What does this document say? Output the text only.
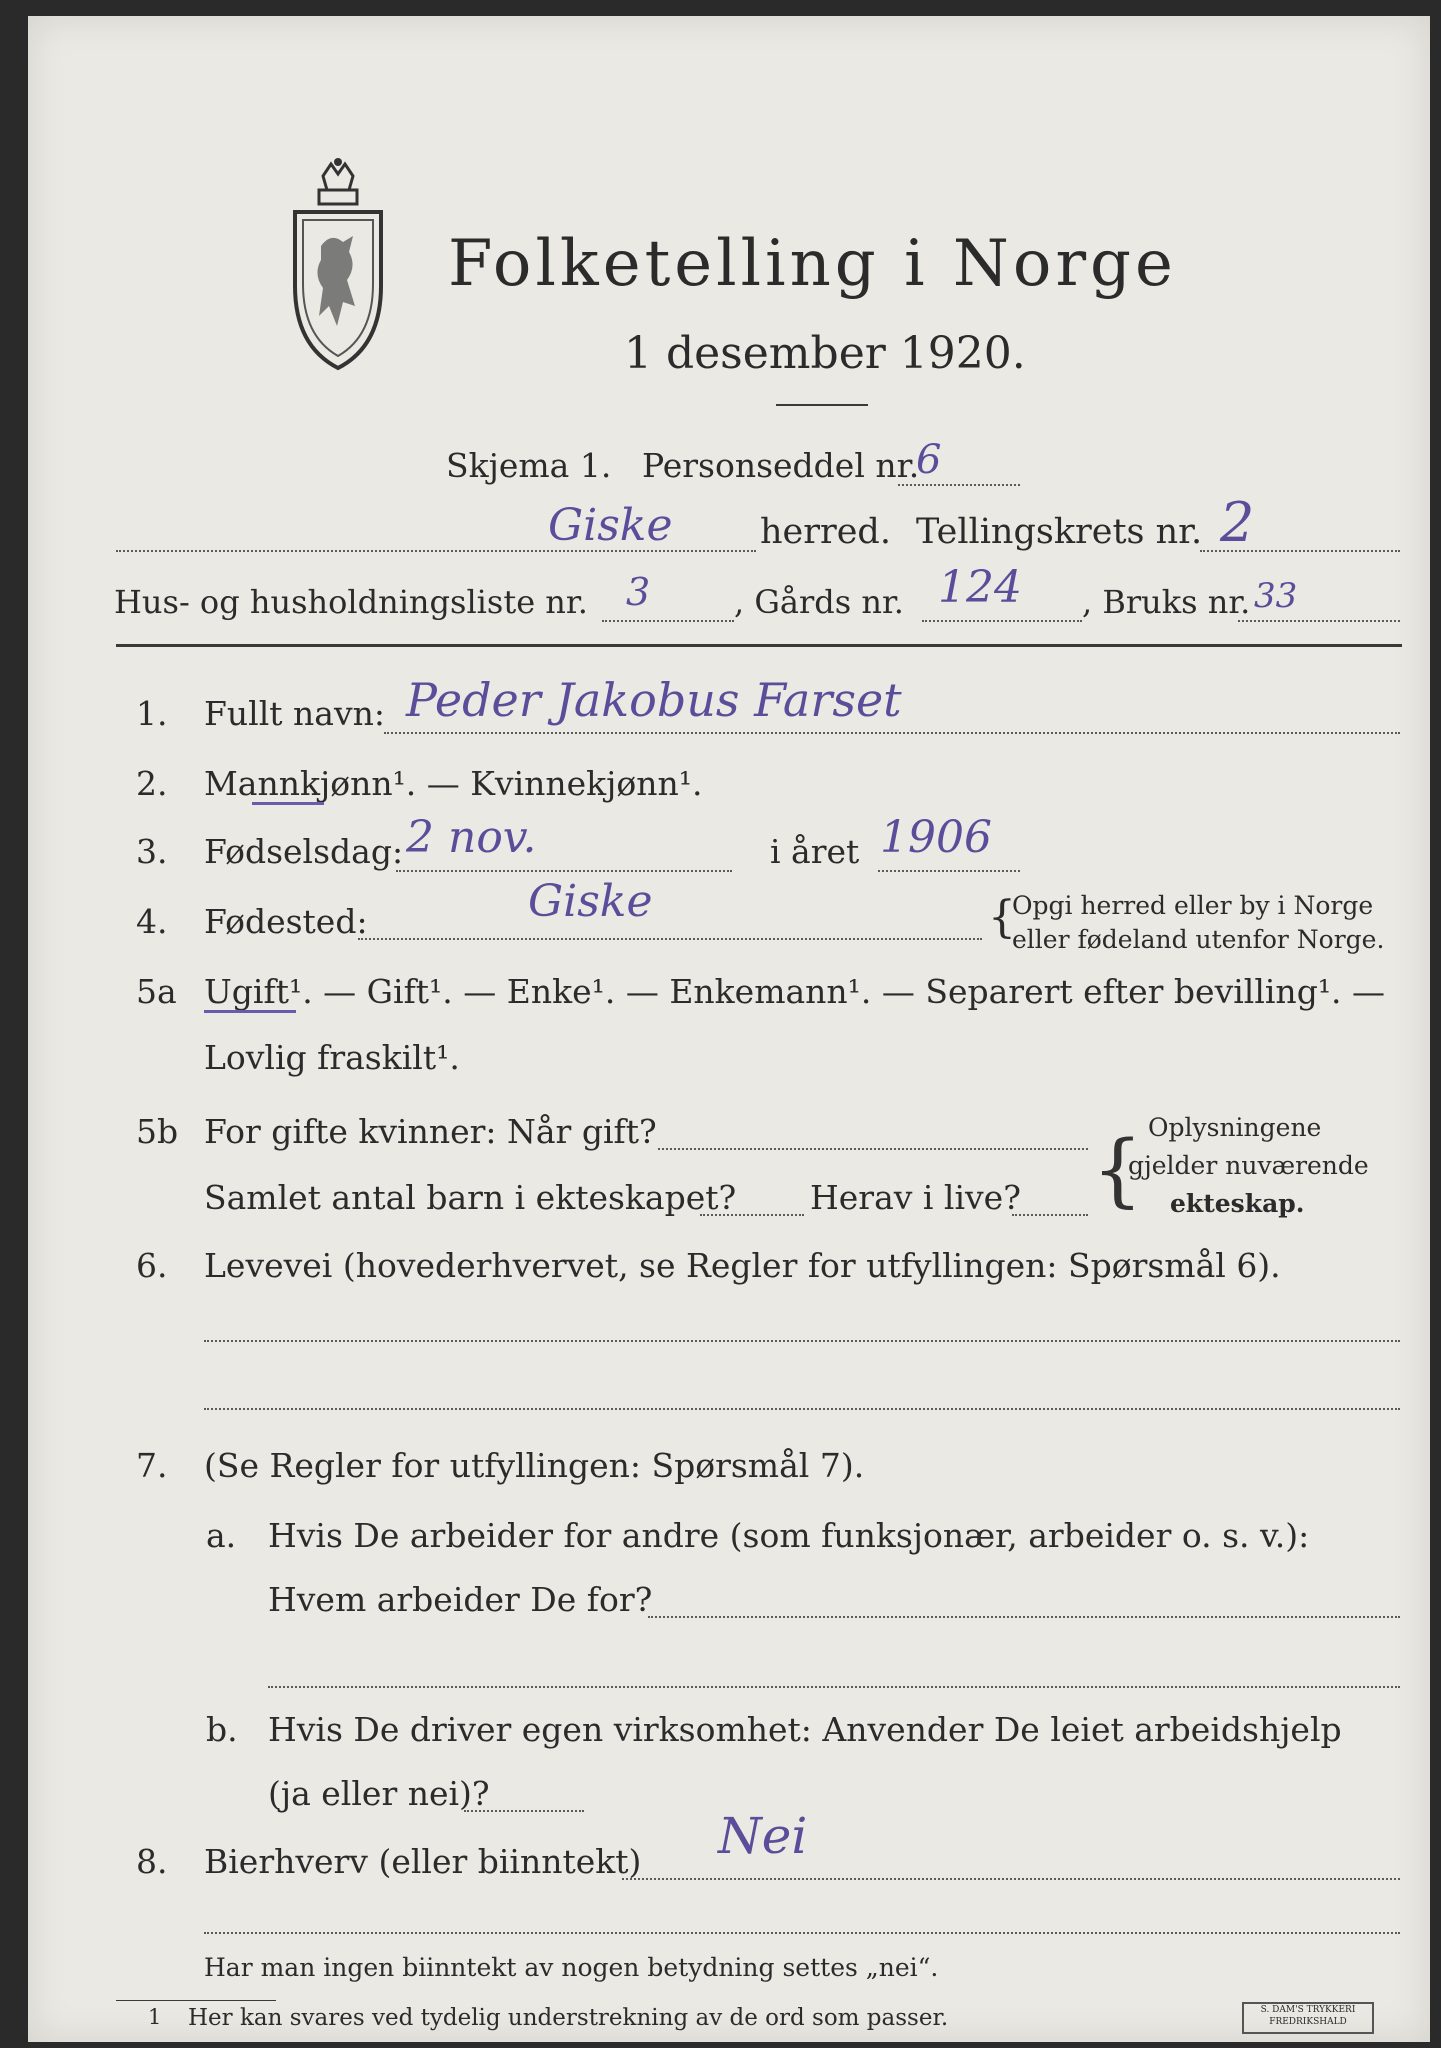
Folketelling i Norge
1 desember 1920.
Skjema 1. Personseddel nr.
6
Giske herred. Tellingskrets nr. 2
Hus- og husholdningsliste nr. 3	, Gårds nr. 124 , Bruks nr. 33
1. Fullt navn: Peder Jakobus Farset
2. Mannkjønn¹. — Kvinnekjønn¹.
3. Fødselsdag: 2 nov.	i året 1906
4. Fødested:	Giske	{
Opgi herred eller by i Norge
eller fødeland utenfor Norge.
5a Ugift¹. — Gift¹. — Enke¹. — Enkemann¹. — Separert efter bevilling¹. —
Lovlig fraskilt¹.
5b For gifte kvinner: Når gift?
Samlet antal barn i ekteskapet? Herav i live? { Oplysningene
gjelder nuværende
ekteskap.
6. Levevei (hovederhvervet, se Regler for utfyllingen: Spørsmål 6).
7. (Se Regler for utfyllingen: Spørsmål 7).
a. Hvis De arbeider for andre (som funksjonær, arbeider o. s. v.):
Hvem arbeider De for?
b. Hvis De driver egen virksomhet: Anvender De leiet arbeidshjelp
(ja eller nei)?
8. Bierhverv (eller biinntekt) Nei
Har man ingen biinntekt av nogen betydning settes „nei“.
1 Her kan svares ved tydelig understrekning av de ord som passer.	S. DAM'S TRYKKERI FREDRIKSHALD
